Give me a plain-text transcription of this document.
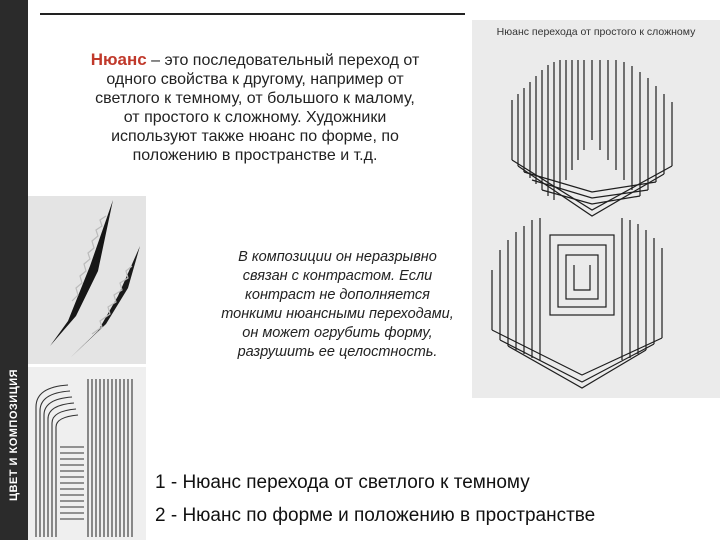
ЦВЕТ И КОМПОЗИЦИЯ
Нюанс – это последовательный переход от
одного свойства к другому, например от
светлого к темному, от большого к малому,
от простого к сложному. Художники
используют также нюанс по форме, по
положению в пространстве и т.д.
В композиции он неразрывно
связан с контрастом. Если
контраст не дополняется
тонкими нюансными переходами,
он может огрубить форму,
разрушить ее целостность.
Нюанс перехода от простого к сложному
1 - Нюанс перехода от светлого к темному
2 - Нюанс по форме и положению в пространстве
